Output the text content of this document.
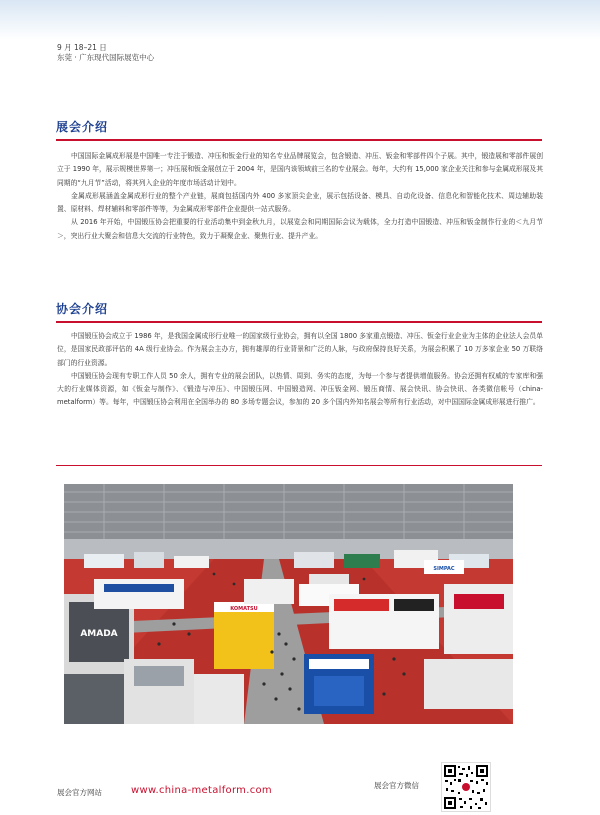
9 月 18–21 日
东莞 · 广东现代国际展览中心
展会介绍

中国国际金属成形展是中国唯一专注于锻造、冲压和钣金行业的知名专业品牌展览会，包含锻造、冲压、钣金和零部件四个子展。其中，锻造展和零部件展创立于 1990 年，展示规模世界第一；冲压展和钣金展创立于 2004 年，是国内该领域前三名的专业展会。每年，大约有 15,000 家企业关注和参与金属成形展及其同期的“九月节”活动，将其列入企业的年度市场活动计划中。

金属成形展涵盖金属成形行业的整个产业链，展商包括国内外 400 多家顶尖企业，展示包括设备、模具、自动化设备、信息化和智能化技术、周边辅助装置、原材料、焊材辅料和零部件等等，为金属成形零部件企业提供一站式服务。

从 2016 年开始，中国锻压协会把重要的行业活动集中到金秋九月，以展览会和同期国际会议为载体，全力打造中国锻造、冲压和钣金制作行业的＜九月节＞，突出行业大聚会和信息大交流的行业特色，致力于凝聚企业、聚焦行业、提升产业。

协会介绍

中国锻压协会成立于 1986 年，是我国金属成形行业唯一的国家级行业协会，拥有以全国 1800 多家重点锻造、冲压、钣金行业企业为主体的企业法人会员单位，是国家民政部评估的 4A 级行业协会。作为展会主办方，拥有雄厚的行业背景和广泛的人脉，与政府保持良好关系，为展会积累了 10 万多家企业 50 万联络部门的行业资源。

中国锻压协会现有专职工作人员 50 余人，拥有专业的展会团队，以热情、周到、务实的态度，为每一个参与者提供增值服务。协会还拥有权威的专家库和强大的行业媒体资源，如《钣金与制作》、《锻造与冲压》、中国锻压网、中国锻造网、冲压钣金网、锻压商情、展会快讯、协会快讯、各类微信帐号（china-metalform）等。每年，中国锻压协会利用在全国举办的 80 多场专题会议，参加的 20 多个国内外知名展会等所有行业活动，对中国国际金属成形展进行推广。

AMADA
KOMATSU
SIMPAC
展会官方网站	www.china-metalform.com	展会官方微信
